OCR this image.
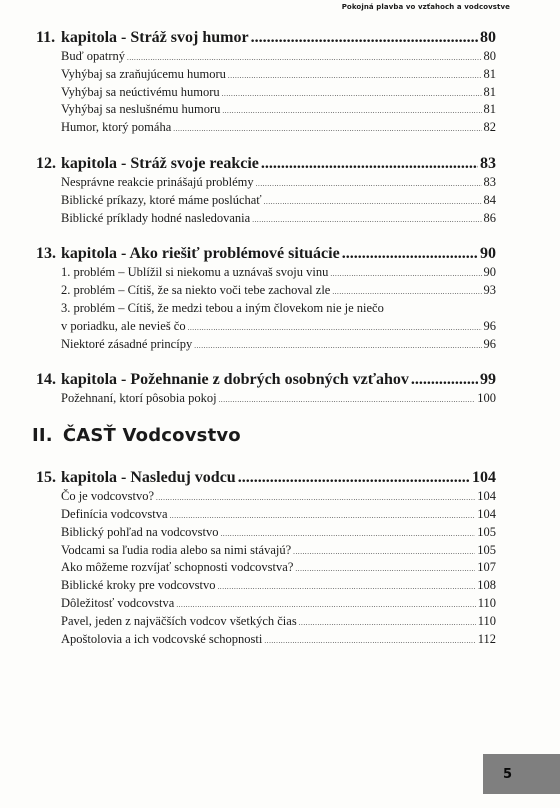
Pokojná plavba vo vzťahoch a vodcovstve
11. kapitola - Stráž svoj humor .....	80
Buď opatrný .....	80
Vyhýbaj sa zraňujúcemu humoru .....	81
Vyhýbaj sa neúctivému humoru .....	81
Vyhýbaj sa neslušnému humoru .....	81
Humor, ktorý pomáha .....	82
12. kapitola - Stráž svoje reakcie .....	83
Nesprávne reakcie prinášajú problémy .....	83
Biblické príkazy, ktoré máme poslúchať .....	84
Biblické príklady hodné nasledovania .....	86
13. kapitola - Ako riešiť problémové situácie .....	90
1. problém – Ublížil si niekomu a uznávaš svoju vinu .....	90
2. problém – Cítiš, že sa niekto voči tebe zachoval zle .....	93
3. problém – Cítiš, že medzi tebou a iným človekom nie je niečo
v poriadku, ale nevieš čo .....	96
Niektoré zásadné princípy .....	96
14. kapitola - Požehnanie z dobrých osobných vzťahov .....	99
Požehnaní, ktorí pôsobia pokoj .....	100
II. ČASŤ Vodcovstvo
15. kapitola - Nasleduj vodcu .....	104
Čo je vodcovstvo? .....	104
Definícia vodcovstva .....	104
Biblický pohľad na vodcovstvo .....	105
Vodcami sa ľudia rodia alebo sa nimi stávajú? .....	105
Ako môžeme rozvíjať schopnosti vodcovstva? .....	107
Biblické kroky pre vodcovstvo .....	108
Dôležitosť vodcovstva .....	110
Pavel, jeden z najväčších vodcov všetkých čias .....	110
Apoštolovia a ich vodcovské schopnosti .....	112
5
